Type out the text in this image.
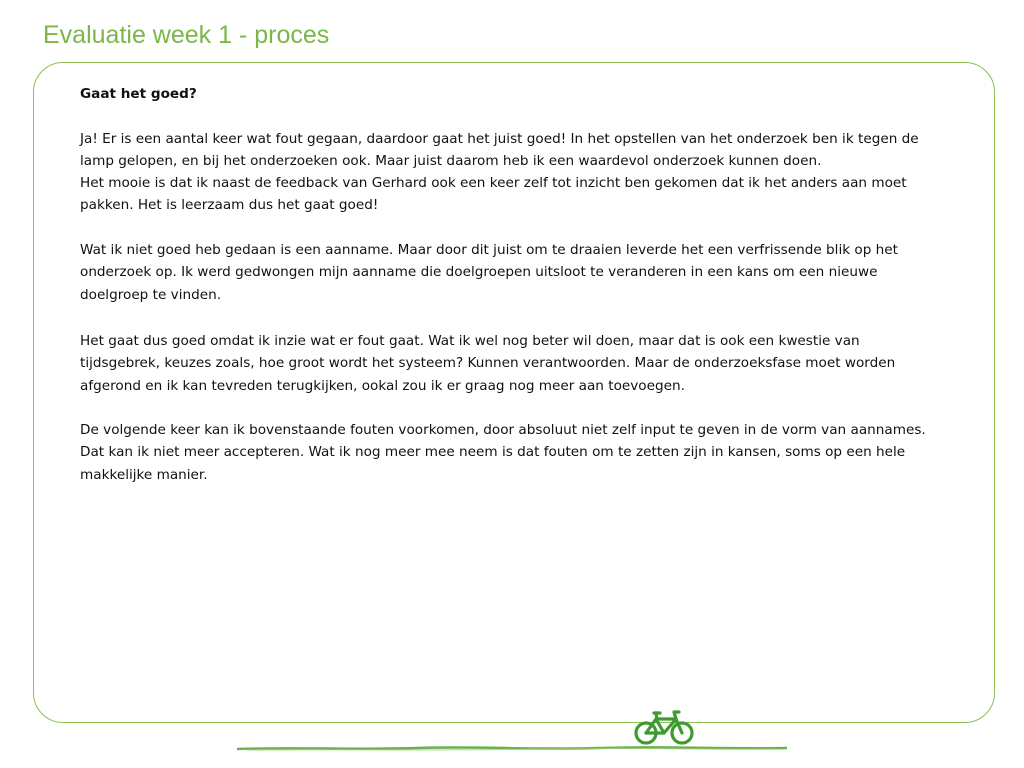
Evaluatie week 1 - proces

Gaat het goed?

Ja! Er is een aantal keer wat fout gegaan, daardoor gaat het juist goed! In het opstellen van het onderzoek ben ik tegen de lamp gelopen, en bij het onderzoeken ook. Maar juist daarom heb ik een waardevol onderzoek kunnen doen.

Het mooie is dat ik naast de feedback van Gerhard ook een keer zelf tot inzicht ben gekomen dat ik het anders aan moet pakken. Het is leerzaam dus het gaat goed!

Wat ik niet goed heb gedaan is een aanname. Maar door dit juist om te draaien leverde het een verfrissende blik op het onderzoek op. Ik werd gedwongen mijn aanname die doelgroepen uitsloot te veranderen in een kans om een nieuwe doelgroep te vinden.

Het gaat dus goed omdat ik inzie wat er fout gaat. Wat ik wel nog beter wil doen, maar dat is ook een kwestie van tijdsgebrek, keuzes zoals, hoe groot wordt het systeem? Kunnen verantwoorden. Maar de onderzoeksfase moet worden afgerond en ik kan tevreden terugkijken, ookal zou ik er graag nog meer aan toevoegen.

De volgende keer kan ik bovenstaande fouten voorkomen, door absoluut niet zelf input te geven in de vorm van aannames. Dat kan ik niet meer accepteren. Wat ik nog meer mee neem is dat fouten om te zetten zijn in kansen, soms op een hele makkelijke manier.
